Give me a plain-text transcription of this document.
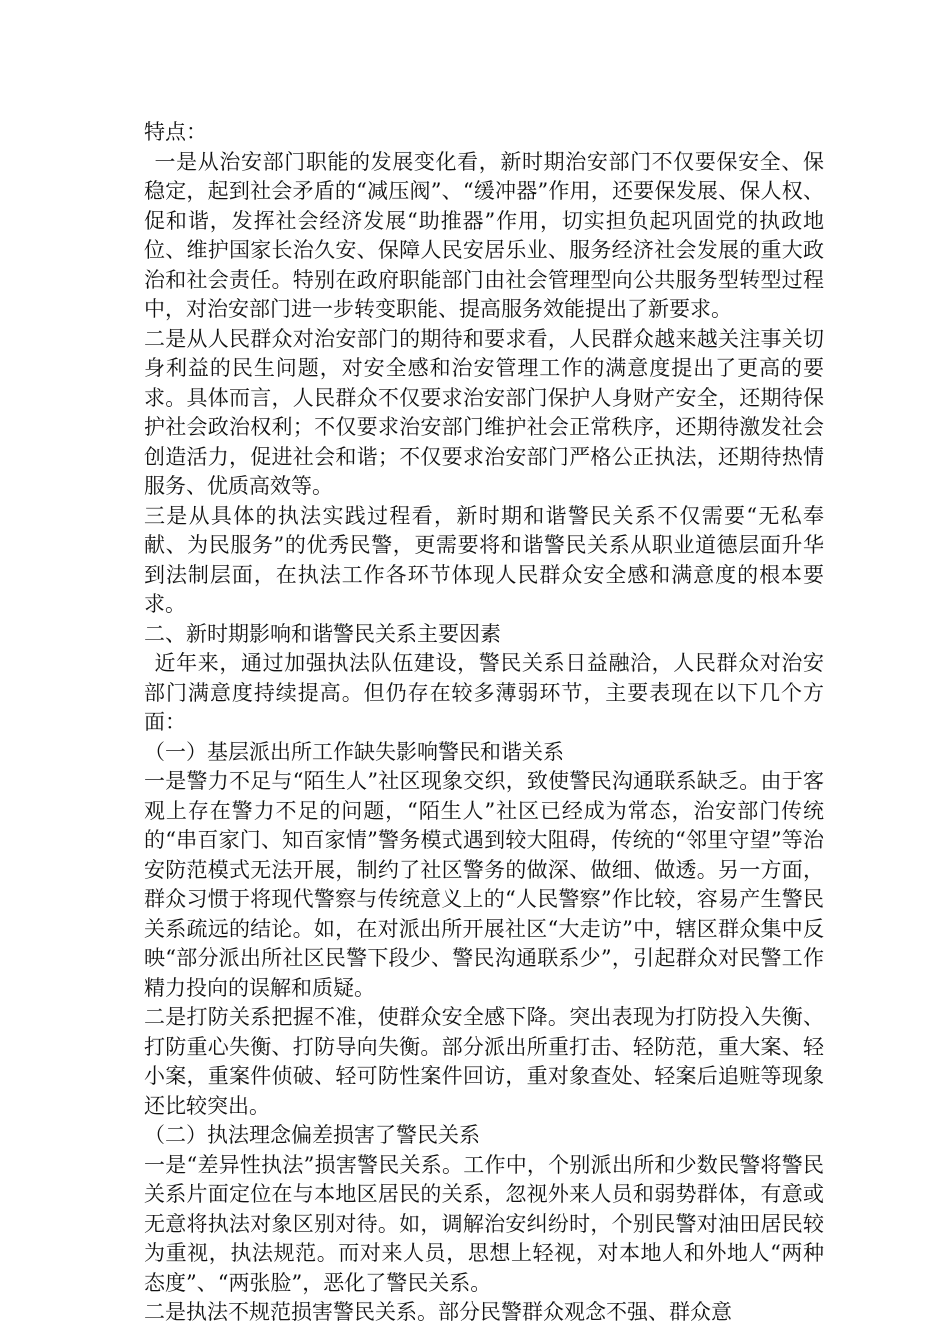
特点：

一是从治安部门职能的发展变化看，新时期治安部门不仅要保安全、保稳定，起到社会矛盾的“减压阀”、“缓冲器”作用，还要保发展、保人权、促和谐，发挥社会经济发展“助推器”作用，切实担负起巩固党的执政地位、维护国家长治久安、保障人民安居乐业、服务经济社会发展的重大政治和社会责任。特别在政府职能部门由社会管理型向公共服务型转型过程中，对治安部门进一步转变职能、提高服务效能提出了新要求。

二是从人民群众对治安部门的期待和要求看，人民群众越来越关注事关切身利益的民生问题，对安全感和治安管理工作的满意度提出了更高的要求。具体而言，人民群众不仅要求治安部门保护人身财产安全，还期待保护社会政治权利；不仅要求治安部门维护社会正常秩序，还期待激发社会创造活力，促进社会和谐；不仅要求治安部门严格公正执法，还期待热情服务、优质高效等。

三是从具体的执法实践过程看，新时期和谐警民关系不仅需要“无私奉献、为民服务”的优秀民警，更需要将和谐警民关系从职业道德层面升华到法制层面，在执法工作各环节体现人民群众安全感和满意度的根本要求。

二、新时期影响和谐警民关系主要因素

近年来，通过加强执法队伍建设，警民关系日益融洽，人民群众对治安部门满意度持续提高。但仍存在较多薄弱环节，主要表现在以下几个方面：

（一）基层派出所工作缺失影响警民和谐关系

一是警力不足与“陌生人”社区现象交织，致使警民沟通联系缺乏。由于客观上存在警力不足的问题，“陌生人”社区已经成为常态，治安部门传统的“串百家门、知百家情”警务模式遇到较大阻碍，传统的“邻里守望”等治安防范模式无法开展，制约了社区警务的做深、做细、做透。另一方面，群众习惯于将现代警察与传统意义上的“人民警察”作比较，容易产生警民关系疏远的结论。如，在对派出所开展社区“大走访”中，辖区群众集中反映“部分派出所社区民警下段少、警民沟通联系少”，引起群众对民警工作精力投向的误解和质疑。

二是打防关系把握不准，使群众安全感下降。突出表现为打防投入失衡、打防重心失衡、打防导向失衡。部分派出所重打击、轻防范，重大案、轻小案，重案件侦破、轻可防性案件回访，重对象查处、轻案后追赃等现象还比较突出。

（二）执法理念偏差损害了警民关系

一是“差异性执法”损害警民关系。工作中，个别派出所和少数民警将警民关系片面定位在与本地区居民的关系，忽视外来人员和弱势群体，有意或无意将执法对象区别对待。如，调解治安纠纷时，个别民警对油田居民较为重视，执法规范。而对来人员，思想上轻视，对本地人和外地人“两种态度”、“两张脸”，恶化了警民关系。

二是执法不规范损害警民关系。部分民警群众观念不强、群众意
